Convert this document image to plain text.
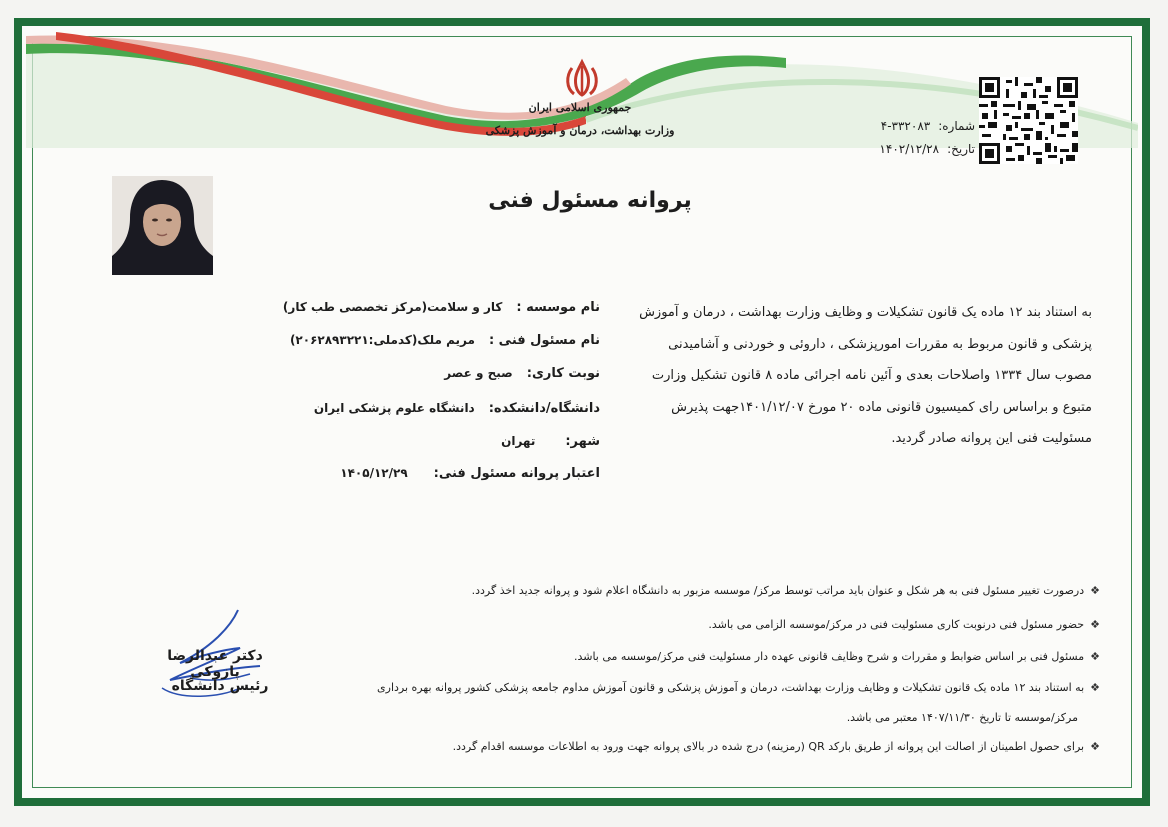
جمهوری اسلامی ایران
وزارت بهداشت، درمان و آموزش پزشکی	شماره:
۴-۳۳۲۰۸۳
تاریخ:
۱۴۰۲/۱۲/۲۸
پروانه مسئول فنی
به استناد بند ۱۲ ماده یک قانون تشکیلات و وظایف وزارت بهداشت ، درمان و آموزش
پزشکی و قانون مربوط به مقررات امورپزشکی ، داروئی و خوردنی و آشامیدنی
مصوب سال ۱۳۳۴ واصلاحات بعدی و آئین نامه اجرائی ماده ۸ قانون تشکیل وزارت
متبوع و براساس رای کمیسیون قانونی ماده ۲۰ مورخ ۱۴۰۱/۱۲/۰۷جهت پذیرش
مسئولیت فنی این پروانه صادر گردید.
نام موسسه :
کار و سلامت(مرکز تخصصی طب کار)
نام مسئول فنی :
مریم ملک(کدملی:۲۰۶۲۸۹۳۲۲۱)
نوبت کاری:
صبح و عصر
دانشگاه/دانشکده:
دانشگاه علوم پزشکی ایران
شهر:
تهران
اعتبار پروانه مسئول فنی:
۱۴۰۵/۱۲/۲۹
❖درصورت تغییر مسئول فنی به هر شکل و عنوان باید مراتب توسط مرکز/ موسسه مزبور به دانشگاه اعلام شود و پروانه جدید اخذ گردد.
❖حضور مسئول فنی درنوبت کاری مسئولیت فنی در مرکز/موسسه الزامی می باشد.
❖مسئول فنی بر اساس ضوابط و مقررات و شرح وظایف قانونی عهده دار مسئولیت فنی مرکز/موسسه می باشد.
❖به استناد بند ۱۲ ماده یک قانون تشکیلات و وظایف وزارت بهداشت، درمان و آموزش پزشکی و قانون آموزش مداوم جامعه پزشکی کشور پروانه بهره برداری
مرکز/موسسه تا تاریخ ۱۴۰۷/۱۱/۳۰ معتبر می باشد.
❖برای حصول اطمینان از اصالت این پروانه از طریق بارکد QR (رمزینه) درج شده در بالای پروانه جهت ورود به اطلاعات موسسه اقدام گردد.
دکتر عبدالرضا پازوکی
رئیس دانشگاه
